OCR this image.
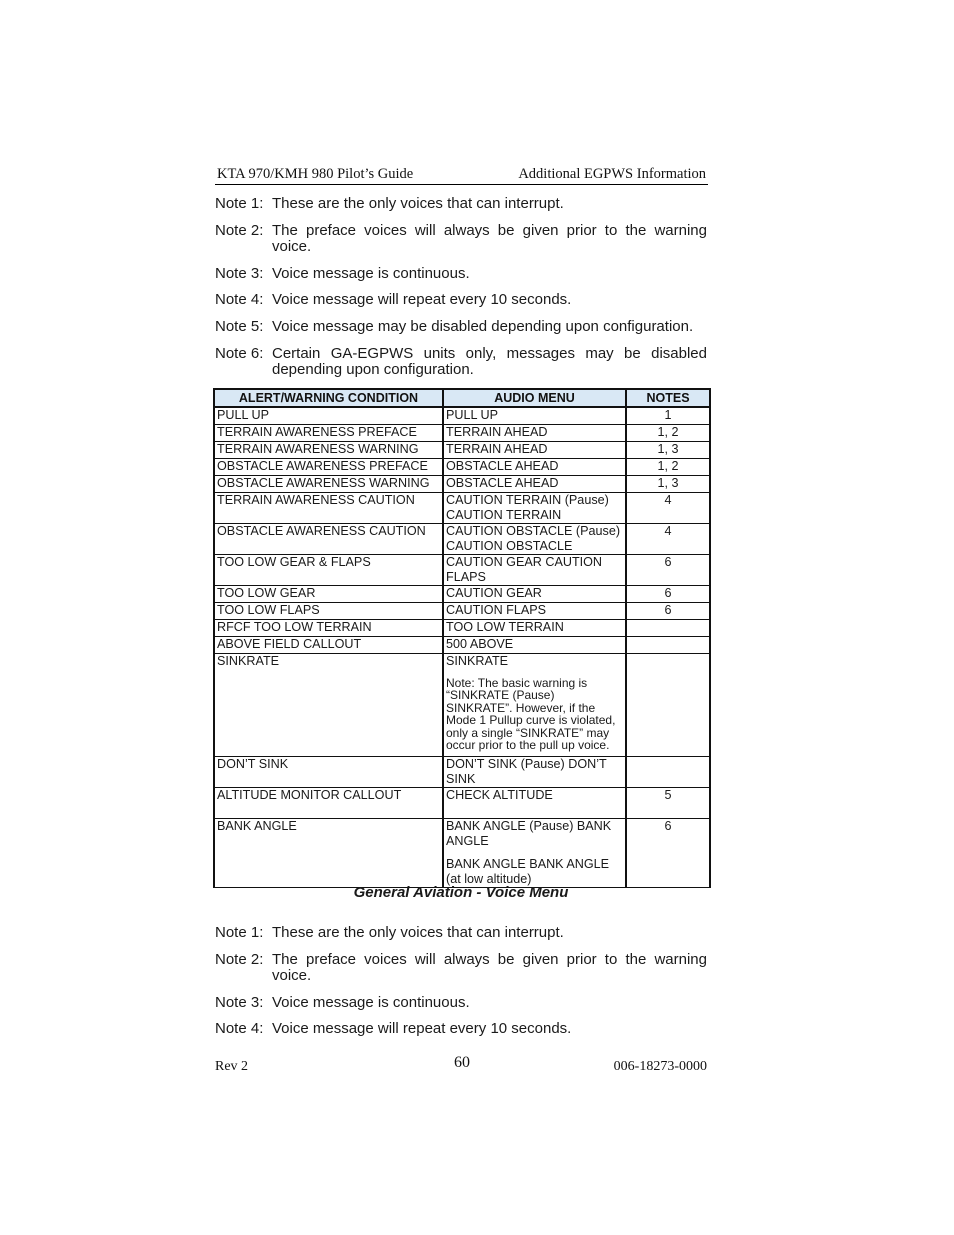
KTA 970/KMH 980 Pilot’s Guide	Additional EGPWS Information
Note 1: These are the only voices that can interrupt.
Note 2: The preface voices will always be given prior to the warning voice.
Note 3: Voice message is continuous.
Note 4: Voice message will repeat every 10 seconds.
Note 5: Voice message may be disabled depending upon configuration.
Note 6: Certain GA-EGPWS units only, messages may be disabled depending upon configuration.
ALERT/WARNING CONDITION	AUDIO MENU	NOTES
PULL UP	PULL UP	1
TERRAIN AWARENESS PREFACE	TERRAIN AHEAD	1, 2
TERRAIN AWARENESS WARNING	TERRAIN AHEAD	1, 3
OBSTACLE AWARENESS PREFACE	OBSTACLE AHEAD	1, 2
OBSTACLE AWARENESS WARNING	OBSTACLE AHEAD	1, 3
TERRAIN AWARENESS CAUTION	CAUTION TERRAIN (Pause) CAUTION TERRAIN	4
OBSTACLE AWARENESS CAUTION	CAUTION OBSTACLE (Pause) CAUTION OBSTACLE	4
TOO LOW GEAR & FLAPS	CAUTION GEAR CAUTION FLAPS	6
TOO LOW GEAR	CAUTION GEAR	6
TOO LOW FLAPS	CAUTION FLAPS	6
RFCF TOO LOW TERRAIN	TOO LOW TERRAIN	
ABOVE FIELD CALLOUT	500 ABOVE	
SINKRATE	SINKRATE
Note: The basic warning is “SINKRATE (Pause) SINKRATE”. However, if the Mode 1 Pullup curve is violated, only a single “SINKRATE” may occur prior to the pull up voice.	

DON’T SINK	DON’T SINK (Pause) DON’T SINK	
ALTITUDE MONITOR CALLOUT	CHECK ALTITUDE	5
BANK ANGLE	BANK ANGLE (Pause) BANK ANGLE
BANK ANGLE BANK ANGLE (at low altitude)	6
General Aviation - Voice Menu
Note 1: These are the only voices that can interrupt.
Note 2: The preface voices will always be given prior to the warning voice.
Note 3: Voice message is continuous.
Note 4: Voice message will repeat every 10 seconds.
Rev 2	60	006-18273-0000
